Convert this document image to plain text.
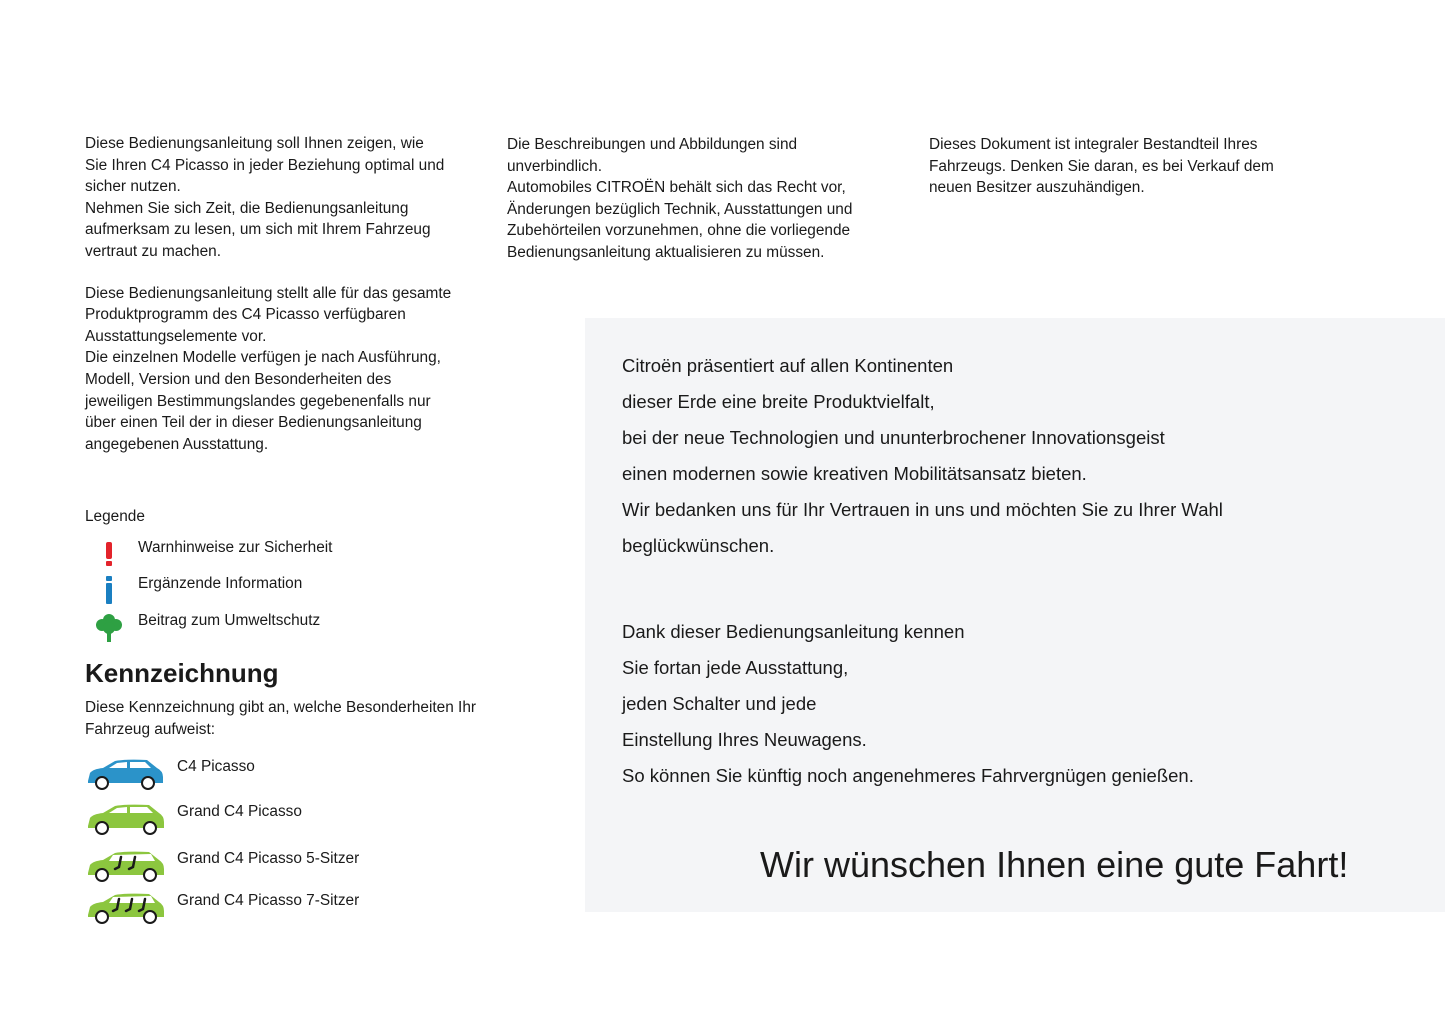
Diese Bedienungsanleitung soll Ihnen zeigen, wie

Sie Ihren C4 Picasso in jeder Beziehung optimal und

sicher nutzen.

Nehmen Sie sich Zeit, die Bedienungsanleitung

aufmerksam zu lesen, um sich mit Ihrem Fahrzeug

vertraut zu machen.

Diese Bedienungsanleitung stellt alle für das gesamte

Produktprogramm des C4 Picasso verfügbaren

Ausstattungselemente vor.

Die einzelnen Modelle verfügen je nach Ausführung,

Modell, Version und den Besonderheiten des

jeweiligen Bestimmungslandes gegebenenfalls nur

über einen Teil der in dieser Bedienungsanleitung

angegebenen Ausstattung.

Die Beschreibungen und Abbildungen sind

unverbindlich.

Automobiles CITROËN behält sich das Recht vor,

Änderungen bezüglich Technik, Ausstattungen und

Zubehörteilen vorzunehmen, ohne die vorliegende

Bedienungsanleitung aktualisieren zu müssen.

Dieses Dokument ist integraler Bestandteil Ihres

Fahrzeugs. Denken Sie daran, es bei Verkauf dem

neuen Besitzer auszuhändigen.

Legende
Warnhinweise zur Sicherheit
Ergänzende Information
Beitrag zum Umweltschutz
Kennzeichnung
Diese Kennzeichnung gibt an, welche Besonderheiten Ihr
Fahrzeug aufweist:
C4 Picasso
Grand C4 Picasso
Grand C4 Picasso 5-Sitzer
Grand C4 Picasso 7-Sitzer

Citroën präsentiert auf allen Kontinenten

dieser Erde eine breite Produktvielfalt,

bei der neue Technologien und ununterbrochener Innovationsgeist

einen modernen sowie kreativen Mobilitätsansatz bieten.

Wir bedanken uns für Ihr Vertrauen in uns und möchten Sie zu Ihrer Wahl

beglückwünschen.

Dank dieser Bedienungsanleitung kennen

Sie fortan jede Ausstattung,

jeden Schalter und jede

Einstellung Ihres Neuwagens.

So können Sie künftig noch angenehmeres Fahrvergnügen genießen.

Wir wünschen Ihnen eine gute Fahrt!
